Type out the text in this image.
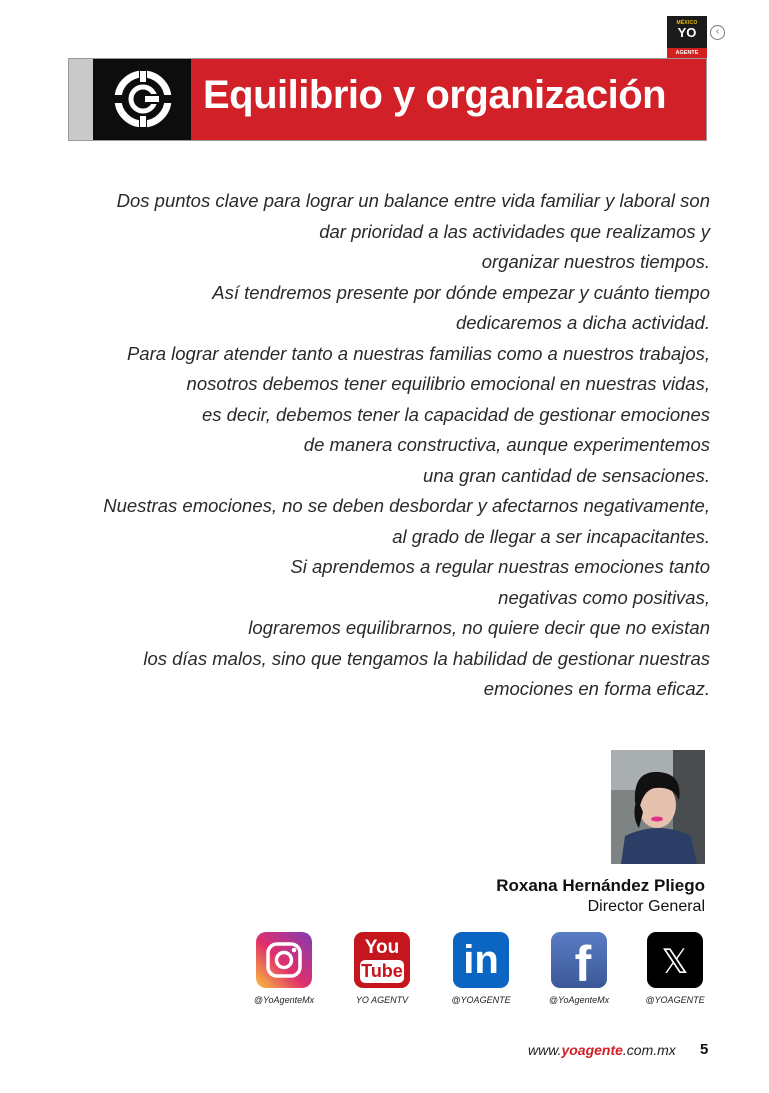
MÉXICO
YO
AGENTE
‹
Equilibrio y organización
Dos puntos clave para lograr un balance entre vida familiar y laboral son
dar prioridad a las actividades que realizamos y
organizar nuestros tiempos.
Así tendremos presente por dónde empezar y cuánto tiempo
dedicaremos a dicha actividad.
Para lograr atender tanto a nuestras familias como a nuestros trabajos,
nosotros debemos tener equilibrio emocional en nuestras vidas,
es decir, debemos tener la capacidad de gestionar emociones
de manera constructiva, aunque experimentemos
una gran cantidad de sensaciones.
Nuestras emociones, no se deben desbordar y afectarnos negativamente,
al grado de llegar a ser incapacitantes.
Si aprendemos a regular nuestras emociones tanto
negativas como positivas,
lograremos equilibrarnos, no quiere decir que no existan
los días malos, sino que tengamos la habilidad de gestionar nuestras
emociones en forma eficaz.
Roxana Hernández Pliego
Director General
@YoAgenteMx
You
Tube
YO AGENTV
in
@YOAGENTE
f
@YoAgenteMx
𝕏
@YOAGENTE
www.yoagente.com.mx 5
